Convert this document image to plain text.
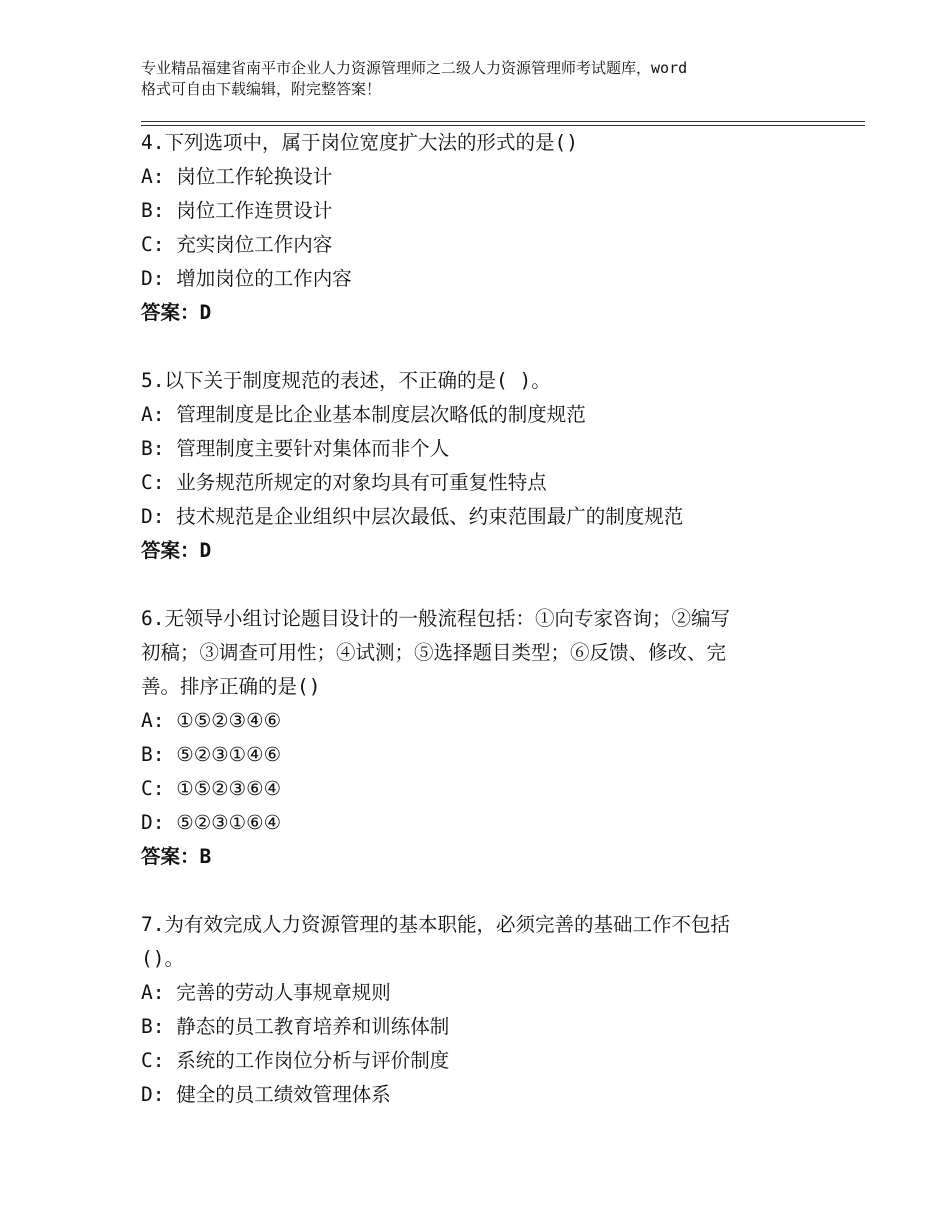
专业精品福建省南平市企业人力资源管理师之二级人力资源管理师考试题库，word
格式可自由下载编辑，附完整答案！
4.下列选项中，属于岗位宽度扩大法的形式的是()
A: 岗位工作轮换设计
B: 岗位工作连贯设计
C: 充实岗位工作内容
D: 增加岗位的工作内容
答案：D
5.以下关于制度规范的表述，不正确的是( )。
A: 管理制度是比企业基本制度层次略低的制度规范
B: 管理制度主要针对集体而非个人
C: 业务规范所规定的对象均具有可重复性特点
D: 技术规范是企业组织中层次最低、约束范围最广的制度规范
答案：D
6.无领导小组讨论题目设计的一般流程包括：①向专家咨询；②编写
初稿；③调查可用性；④试测；⑤选择题目类型；⑥反馈、修改、完
善。排序正确的是()
A: ①⑤②③④⑥
B: ⑤②③①④⑥
C: ①⑤②③⑥④
D: ⑤②③①⑥④
答案：B
7.为有效完成人力资源管理的基本职能，必须完善的基础工作不包括
()。
A: 完善的劳动人事规章规则
B: 静态的员工教育培养和训练体制
C: 系统的工作岗位分析与评价制度
D: 健全的员工绩效管理体系
